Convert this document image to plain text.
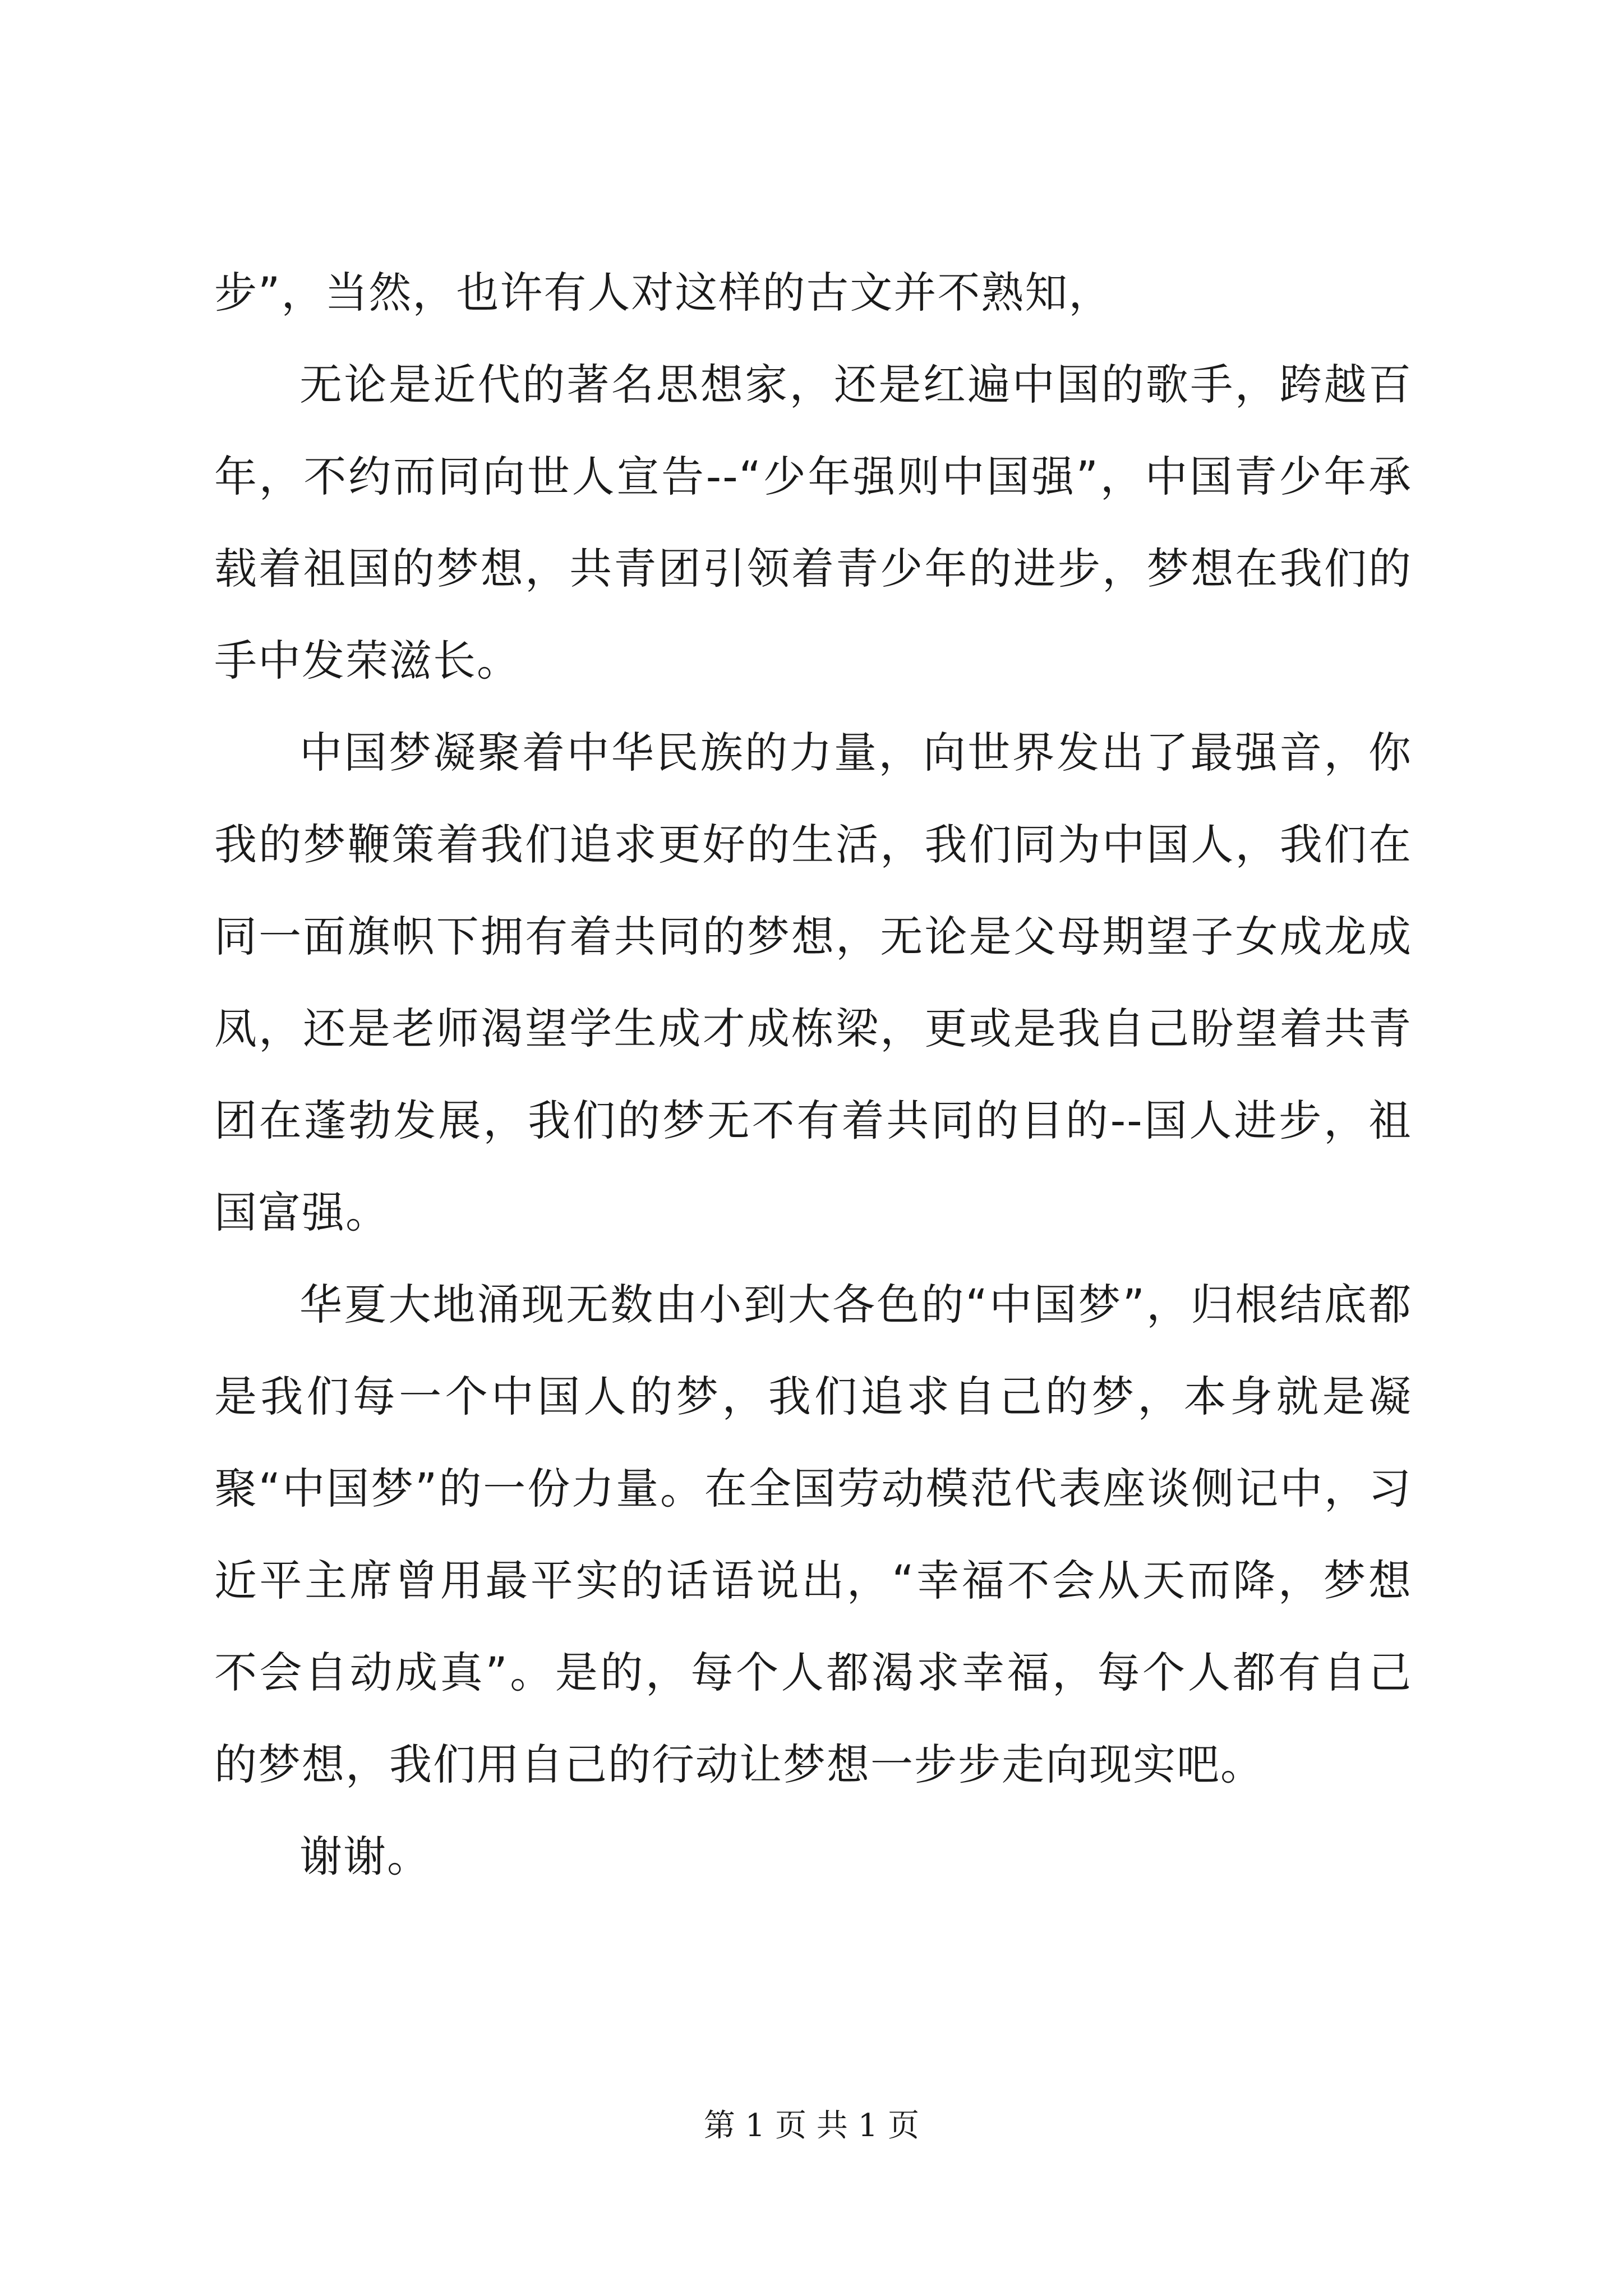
步”，当然，也许有人对这样的古文并不熟知，

无论是近代的著名思想家，还是红遍中国的歌手，跨越百年，不约而同向世人宣告--“少年强则中国强”，中国青少年承载着祖国的梦想，共青团引领着青少年的进步，梦想在我们的手中发荣滋长。

中国梦凝聚着中华民族的力量，向世界发出了最强音，你我的梦鞭策着我们追求更好的生活，我们同为中国人，我们在同一面旗帜下拥有着共同的梦想，无论是父母期望子女成龙成凤，还是老师渴望学生成才成栋梁，更或是我自己盼望着共青团在蓬勃发展，我们的梦无不有着共同的目的--国人进步，祖国富强。

华夏大地涌现无数由小到大各色的“中国梦”，归根结底都是我们每一个中国人的梦，我们追求自己的梦，本身就是凝聚“中国梦”的一份力量。在全国劳动模范代表座谈侧记中，习近平主席曾用最平实的话语说出，“幸福不会从天而降，梦想不会自动成真”。是的，每个人都渴求幸福，每个人都有自己的梦想，我们用自己的行动让梦想一步步走向现实吧。

谢谢。

第 1 页 共 1 页
